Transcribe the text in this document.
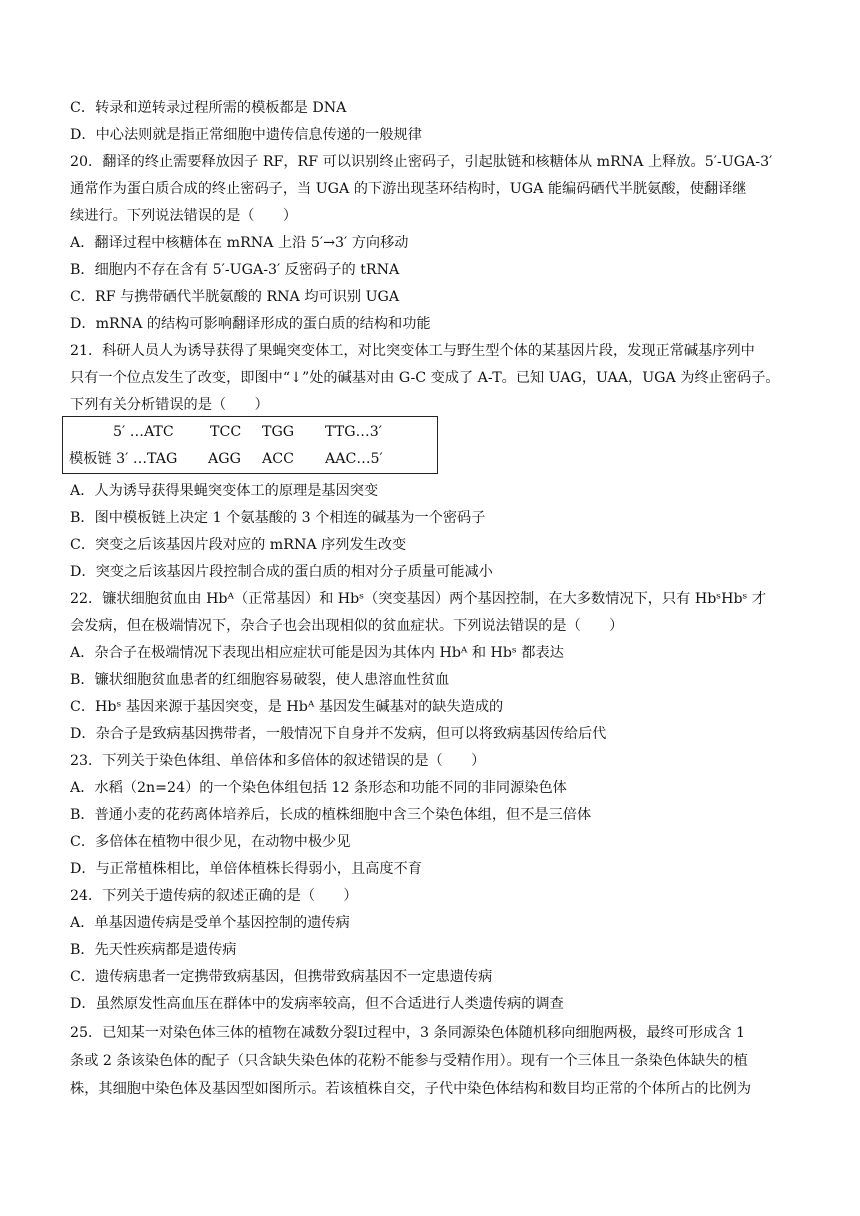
C．转录和逆转录过程所需的模板都是 DNA
D．中心法则就是指正常细胞中遗传信息传递的一般规律
20．翻译的终止需要释放因子 RF，RF 可以识别终止密码子，引起肽链和核糖体从 mRNA 上释放。5′-UGA-3′
通常作为蛋白质合成的终止密码子，当 UGA 的下游出现茎环结构时，UGA 能编码硒代半胱氨酸，使翻译继
续进行。下列说法错误的是（　　）
A．翻译过程中核糖体在 mRNA 上沿 5′→3′ 方向移动
B．细胞内不存在含有 5′-UGA-3′ 反密码子的 tRNA
C．RF 与携带硒代半胱氨酸的 RNA 均可识别 UGA
D．mRNA 的结构可影响翻译形成的蛋白质的结构和功能
21．科研人员人为诱导获得了果蝇突变体工，对比突变体工与野生型个体的某基因片段，发现正常碱基序列中
只有一个位点发生了改变，即图中“↓”处的碱基对由 G-C 变成了 A-T。已知 UAG，UAA，UGA 为终止密码子。
下列有关分析错误的是（　　）
5′ …ATC	TCC TGG TTG…3′
模板链 3′ …TAG AGG ACC AAC…5′
A．人为诱导获得果蝇突变体工的原理是基因突变
B．图中模板链上决定 1 个氨基酸的 3 个相连的碱基为一个密码子
C．突变之后该基因片段对应的 mRNA 序列发生改变
D．突变之后该基因片段控制合成的蛋白质的相对分子质量可能减小
22．镰状细胞贫血由 Hbᴬ（正常基因）和 Hbˢ（突变基因）两个基因控制，在大多数情况下，只有 HbˢHbˢ 才
会发病，但在极端情况下，杂合子也会出现相似的贫血症状。下列说法错误的是（　　）
A．杂合子在极端情况下表现出相应症状可能是因为其体内 Hbᴬ 和 Hbˢ 都表达
B．镰状细胞贫血患者的红细胞容易破裂，使人患溶血性贫血
C．Hbˢ 基因来源于基因突变，是 Hbᴬ 基因发生碱基对的缺失造成的
D．杂合子是致病基因携带者，一般情况下自身并不发病，但可以将致病基因传给后代
23．下列关于染色体组、单倍体和多倍体的叙述错误的是（　　）
A．水稻（2n=24）的一个染色体组包括 12 条形态和功能不同的非同源染色体
B．普通小麦的花药离体培养后，长成的植株细胞中含三个染色体组，但不是三倍体
C．多倍体在植物中很少见，在动物中极少见
D．与正常植株相比，单倍体植株长得弱小，且高度不育
24．下列关于遗传病的叙述正确的是（　　）
A．单基因遗传病是受单个基因控制的遗传病
B．先天性疾病都是遗传病
C．遗传病患者一定携带致病基因，但携带致病基因不一定患遗传病
D．虽然原发性高血压在群体中的发病率较高，但不合适进行人类遗传病的调查
25．已知某一对染色体三体的植物在减数分裂Ⅰ过程中，3 条同源染色体随机移向细胞两极，最终可形成含 1
条或 2 条该染色体的配子（只含缺失染色体的花粉不能参与受精作用）。现有一个三体且一条染色体缺失的植
株，其细胞中染色体及基因型如图所示。若该植株自交，子代中染色体结构和数目均正常的个体所占的比例为
